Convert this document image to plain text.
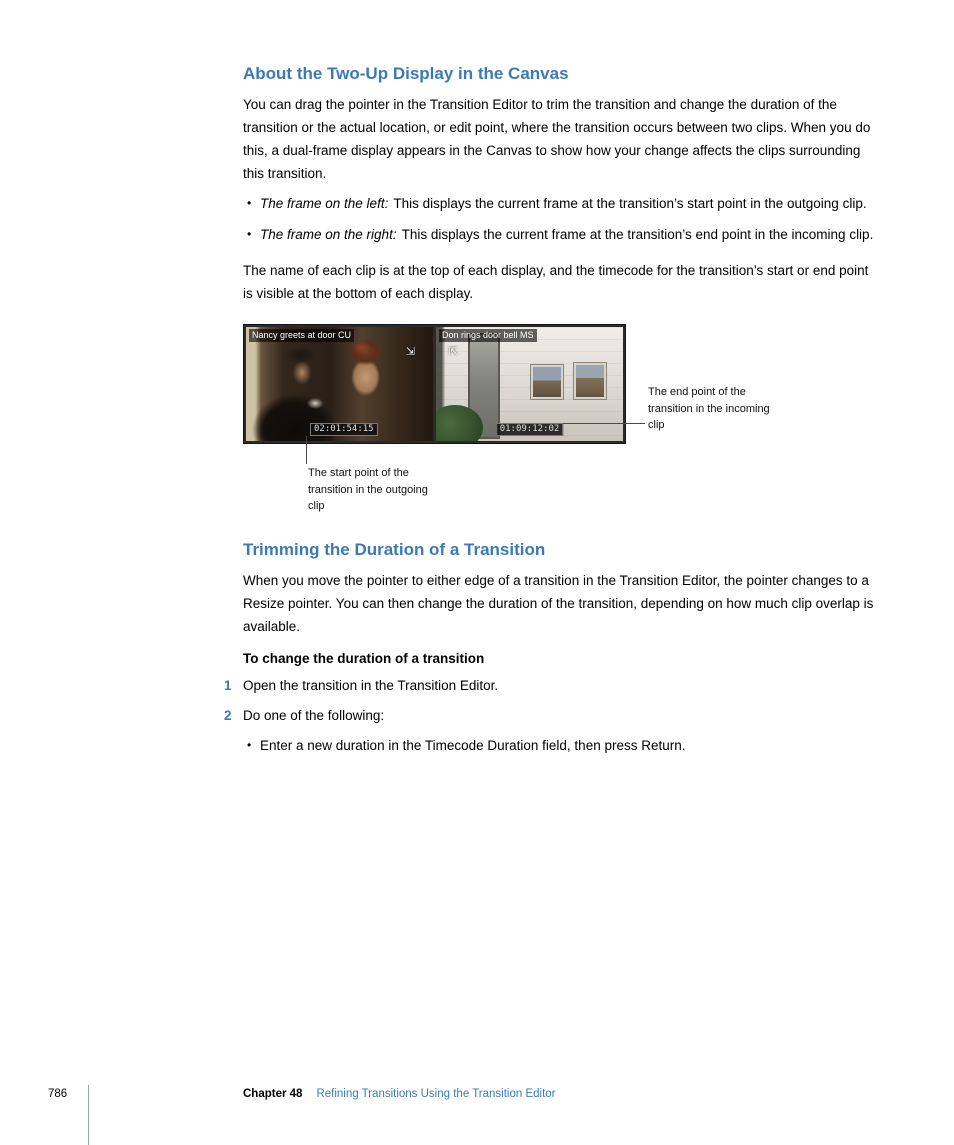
About the Two-Up Display in the Canvas

You can drag the pointer in the Transition Editor to trim the transition and change the duration of the transition or the actual location, or edit point, where the transition occurs between two clips. When you do this, a dual-frame display appears in the Canvas to show how your change affects the clips surrounding this transition.

• The frame on the left: This displays the current frame at the transition’s start point in the outgoing clip.
• The frame on the right: This displays the current frame at the transition’s end point in the incoming clip.

The name of each clip is at the top of each display, and the timecode for the transition’s start or end point is visible at the bottom of each display.

Nancy greets at door CU
⇲
02:01:54:15
Don rings door bell MS
⇱
01:09:12:02
The end point of the transition in the incoming clip
The start point of the transition in the outgoing clip
Trimming the Duration of a Transition

When you move the pointer to either edge of a transition in the Transition Editor, the pointer changes to a Resize pointer. You can then change the duration of the transition, depending on how much clip overlap is available.

To change the duration of a transition
1 Open the transition in the Transition Editor.
2 Do one of the following:
• Enter a new duration in the Timecode Duration field, then press Return.
786	Chapter 48 Refining Transitions Using the Transition Editor
